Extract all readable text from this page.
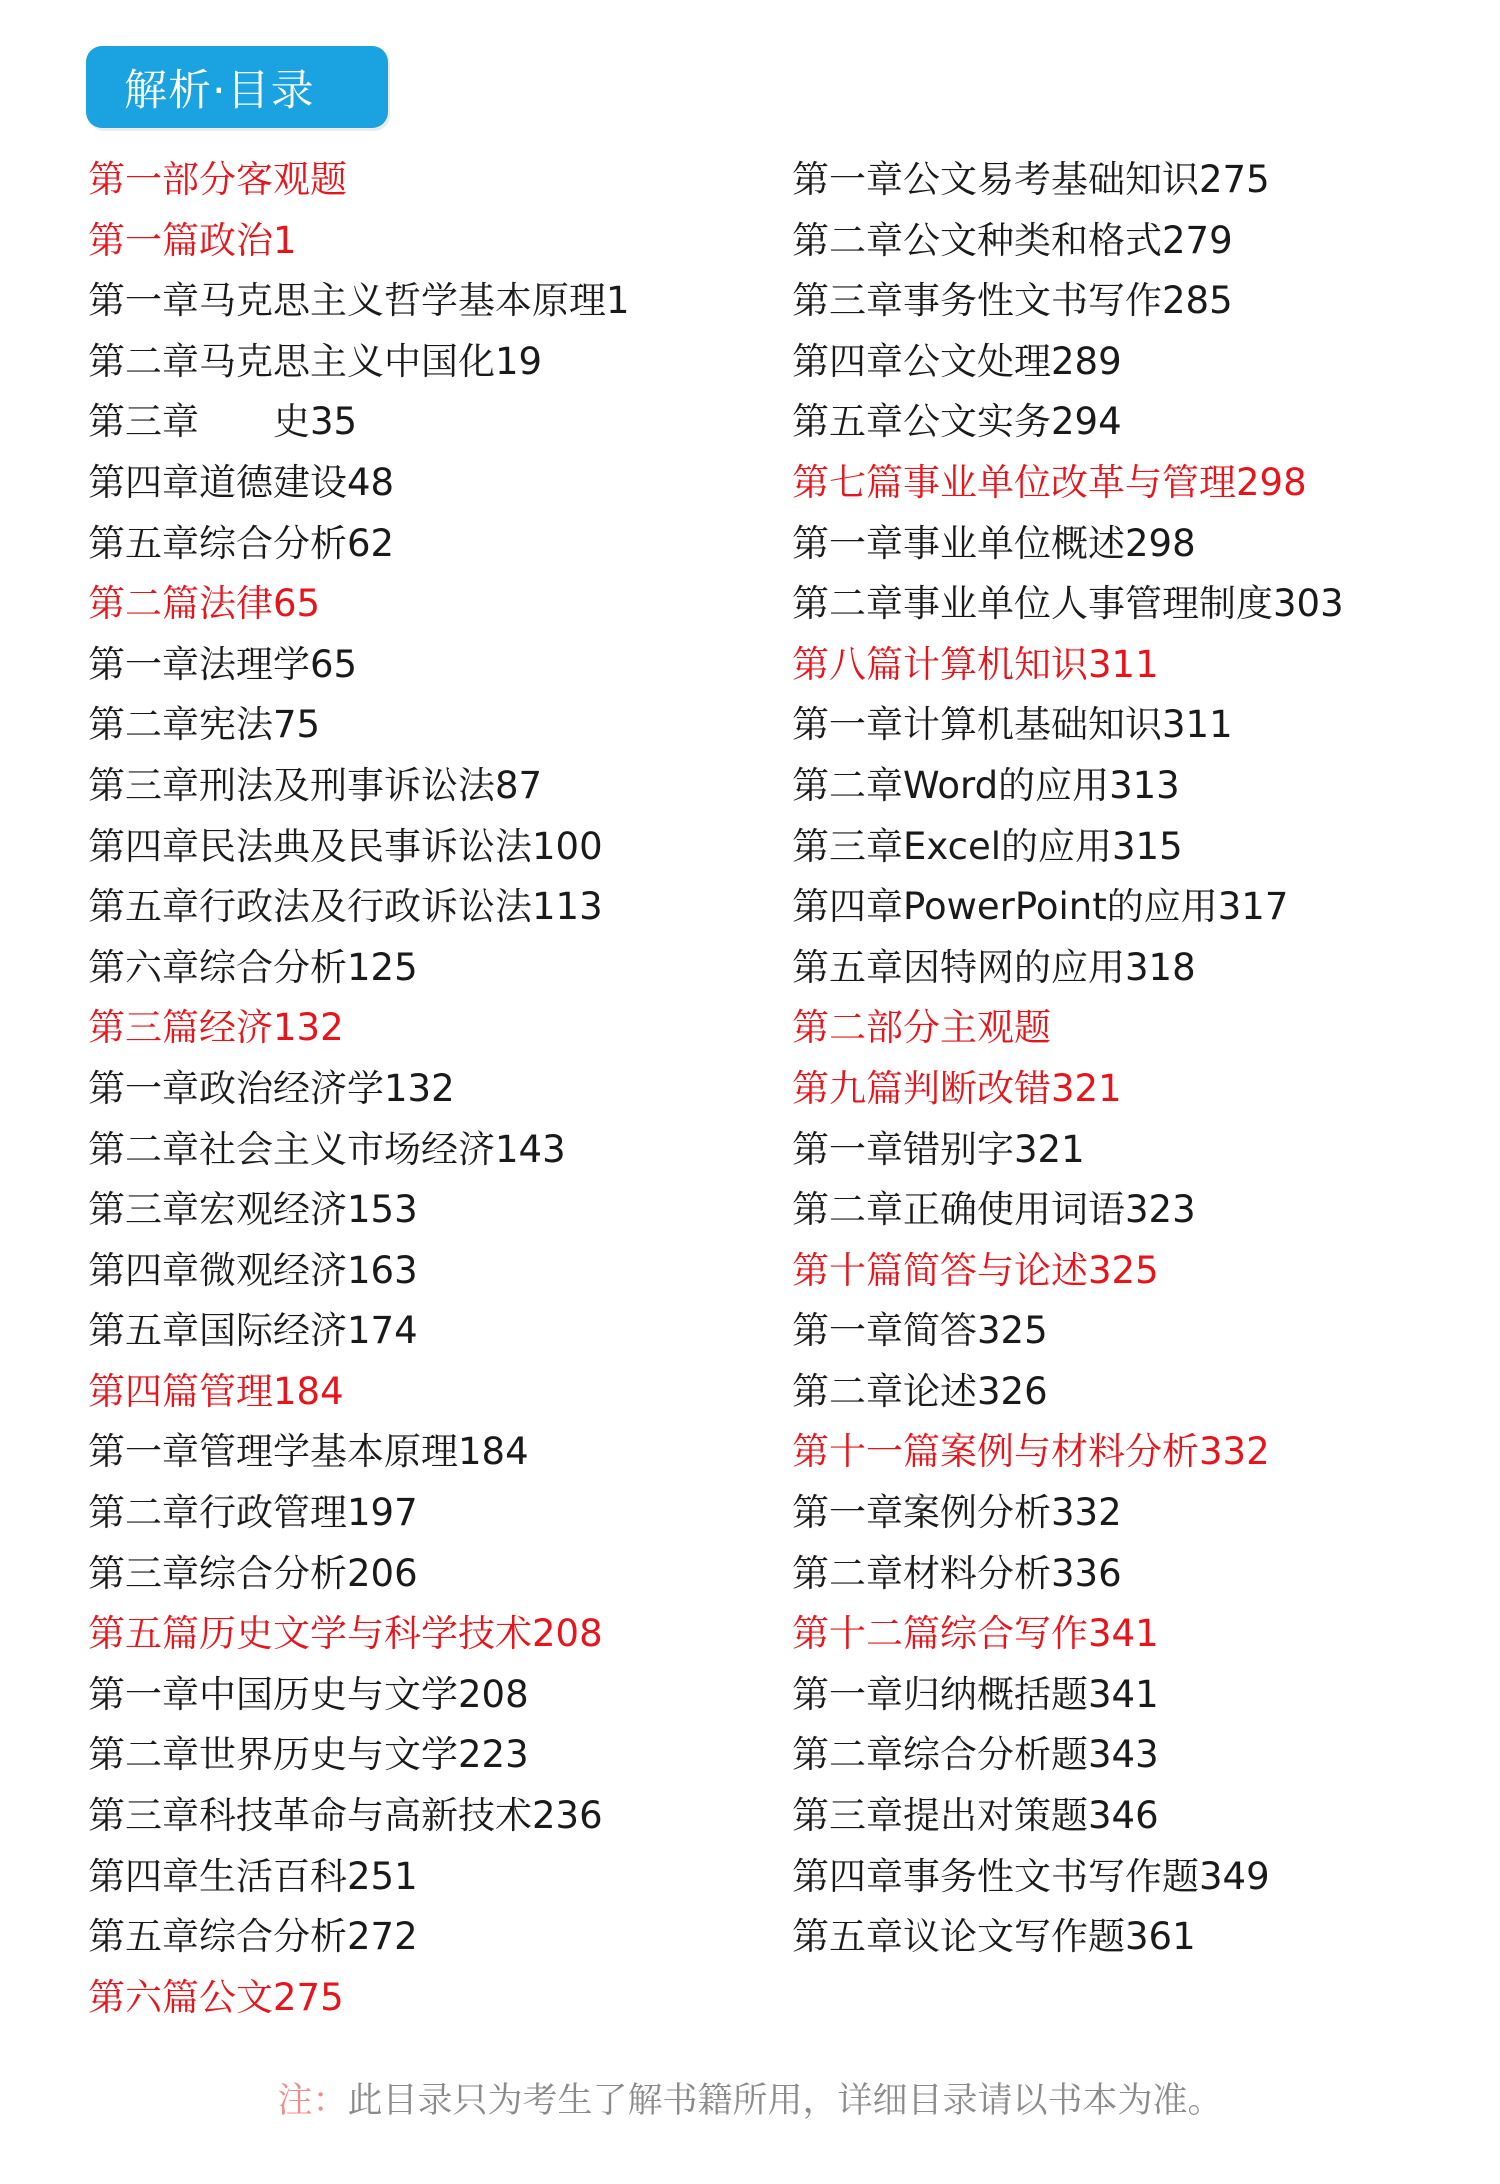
解析·目录
第一部分客观题
第一篇政治1
第一章马克思主义哲学基本原理1
第二章马克思主义中国化19
第三章　　史35
第四章道德建设48
第五章综合分析62
第二篇法律65
第一章法理学65
第二章宪法75
第三章刑法及刑事诉讼法87
第四章民法典及民事诉讼法100
第五章行政法及行政诉讼法113
第六章综合分析125
第三篇经济132
第一章政治经济学132
第二章社会主义市场经济143
第三章宏观经济153
第四章微观经济163
第五章国际经济174
第四篇管理184
第一章管理学基本原理184
第二章行政管理197
第三章综合分析206
第五篇历史文学与科学技术208
第一章中国历史与文学208
第二章世界历史与文学223
第三章科技革命与高新技术236
第四章生活百科251
第五章综合分析272
第六篇公文275
第一章公文易考基础知识275
第二章公文种类和格式279
第三章事务性文书写作285
第四章公文处理289
第五章公文实务294
第七篇事业单位改革与管理298
第一章事业单位概述298
第二章事业单位人事管理制度303
第八篇计算机知识311
第一章计算机基础知识311
第二章Word的应用313
第三章Excel的应用315
第四章PowerPoint的应用317
第五章因特网的应用318
第二部分主观题
第九篇判断改错321
第一章错别字321
第二章正确使用词语323
第十篇简答与论述325
第一章简答325
第二章论述326
第十一篇案例与材料分析332
第一章案例分析332
第二章材料分析336
第十二篇综合写作341
第一章归纳概括题341
第二章综合分析题343
第三章提出对策题346
第四章事务性文书写作题349
第五章议论文写作题361
注：此目录只为考生了解书籍所用，详细目录请以书本为准。
